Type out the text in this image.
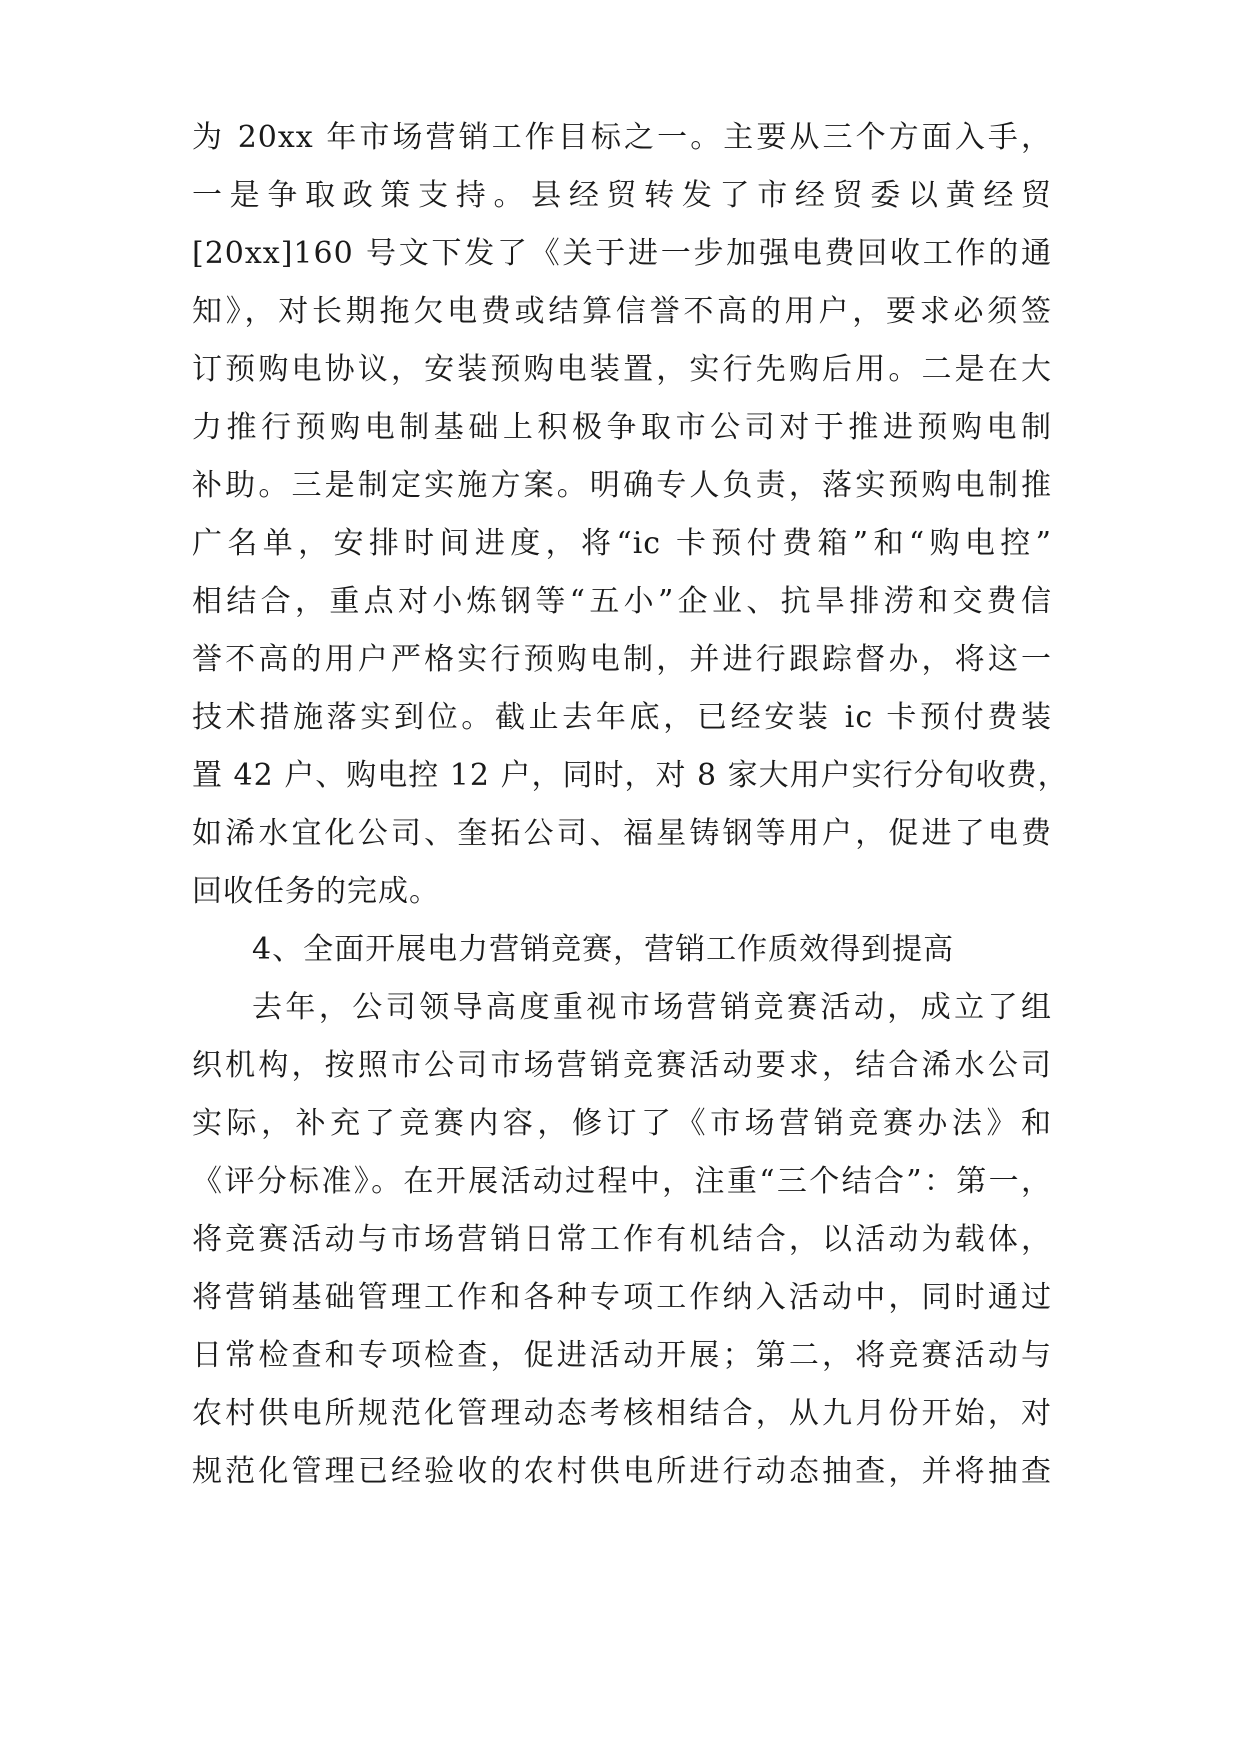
为 20xx 年市场营销工作目标之一。主要从三个方面入手，
一是争取政策支持。县经贸转发了市经贸委以黄经贸
[20xx]160 号文下发了《关于进一步加强电费回收工作的通
知》，对长期拖欠电费或结算信誉不高的用户，要求必须签
订预购电协议，安装预购电装置，实行先购后用。二是在大
力推行预购电制基础上积极争取市公司对于推进预购电制
补助。三是制定实施方案。明确专人负责，落实预购电制推
广名单，安排时间进度，将“ic 卡预付费箱”和“购电控”
相结合，重点对小炼钢等“五小”企业、抗旱排涝和交费信
誉不高的用户严格实行预购电制，并进行跟踪督办，将这一
技术措施落实到位。截止去年底，已经安装 ic 卡预付费装
置 42 户、购电控 12 户，同时，对 8 家大用户实行分旬收费，
如浠水宜化公司、奎拓公司、福星铸钢等用户，促进了电费
回收任务的完成。
4、全面开展电力营销竞赛，营销工作质效得到提高
去年，公司领导高度重视市场营销竞赛活动，成立了组
织机构，按照市公司市场营销竞赛活动要求，结合浠水公司
实际，补充了竞赛内容，修订了《市场营销竞赛办法》和
《评分标准》。在开展活动过程中，注重“三个结合”：第一，
将竞赛活动与市场营销日常工作有机结合，以活动为载体，
将营销基础管理工作和各种专项工作纳入活动中，同时通过
日常检查和专项检查，促进活动开展；第二，将竞赛活动与
农村供电所规范化管理动态考核相结合，从九月份开始，对
规范化管理已经验收的农村供电所进行动态抽查，并将抽查
